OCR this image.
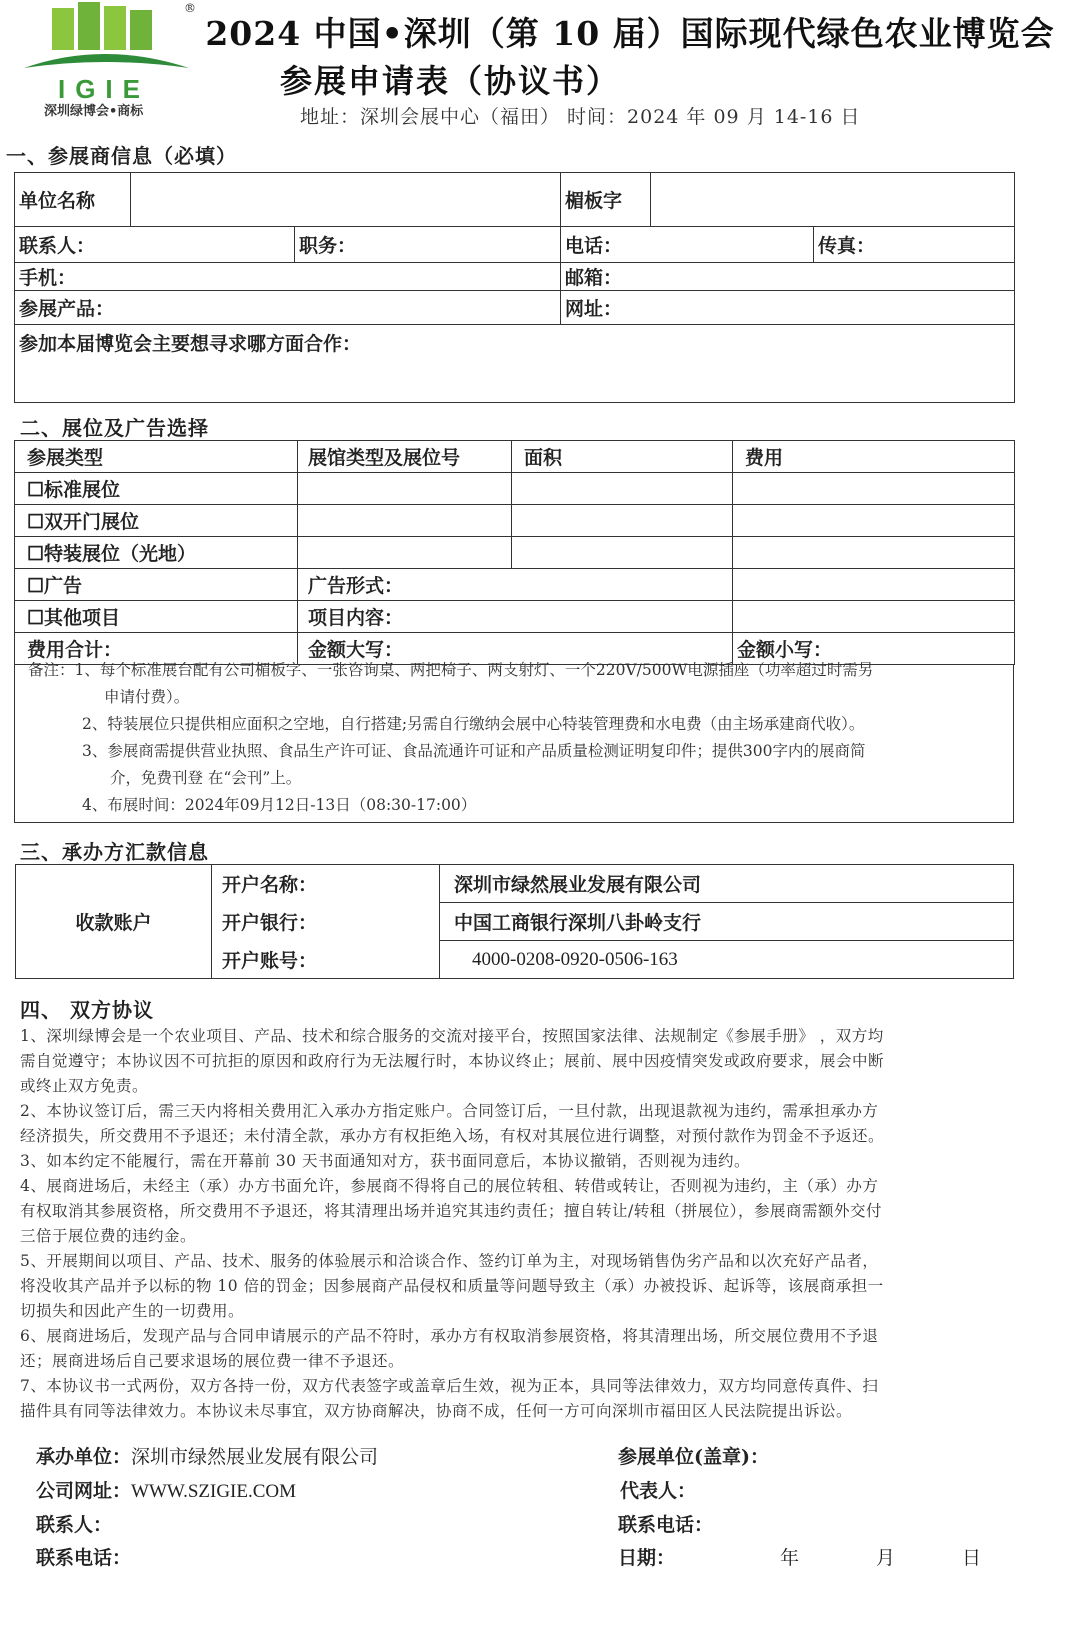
IGIE
®
深圳绿博会•商标
2024 中国•深圳（第 10 届）国际现代绿色农业博览会
参展申请表（协议书）
地址：深圳会展中心（福田） 时间：2024 年 09 月 14-16 日
一、参展商信息（必填）
单位名称			楣板字		
联系人：		职务：	电话：		传真：
手机：			邮箱：		
参展产品：			网址：		
参加本届博览会主要想寻求哪方面合作：					
二、展位及广告选择
参展类型	展馆类型及展位号	面积	费用
☐标准展位			
☐双开门展位			
☐特装展位（光地）			
☐广告	广告形式：		
☐其他项目	项目内容：		
费用合计：	金额大写：		金额小写：
备注：1、每个标准展台配有公司楣板字、一张咨询桌、两把椅子、两支射灯、一个220V/500W电源插座（功率超过时需另
申请付费）。
2、特装展位只提供相应面积之空地，自行搭建;另需自行缴纳会展中心特装管理费和水电费（由主场承建商代收）。
3、参展商需提供营业执照、食品生产许可证、食品流通许可证和产品质量检测证明复印件；提供300字内的展商简
介，免费刊登 在“会刊”上。
4、布展时间：2024年09月12日-13日（08:30-17:00）
三、承办方汇款信息
收款账户	开户名称：	深圳市绿然展业发展有限公司
	开户银行：	中国工商银行深圳八卦岭支行
	开户账号：	4000-0208-0920-0506-163
四、 双方协议

1、深圳绿博会是一个农业项目、产品、技术和综合服务的交流对接平台，按照国家法律、法规制定《参展手册》 ，双方均

需自觉遵守；本协议因不可抗拒的原因和政府行为无法履行时，本协议终止；展前、展中因疫情突发或政府要求，展会中断

或终止双方免责。

2、本协议签订后，需三天内将相关费用汇入承办方指定账户。合同签订后，一旦付款，出现退款视为违约，需承担承办方

经济损失，所交费用不予退还；未付清全款，承办方有权拒绝入场，有权对其展位进行调整，对预付款作为罚金不予返还。

3、如本约定不能履行，需在开幕前 30 天书面通知对方，获书面同意后，本协议撤销，否则视为违约。

4、展商进场后，未经主（承）办方书面允许，参展商不得将自己的展位转租、转借或转让，否则视为违约，主（承）办方

有权取消其参展资格，所交费用不予退还，将其清理出场并追究其违约责任；擅自转让/转租（拼展位），参展商需额外交付

三倍于展位费的违约金。

5、开展期间以项目、产品、技术、服务的体验展示和洽谈合作、签约订单为主，对现场销售伪劣产品和以次充好产品者，

将没收其产品并予以标的物 10 倍的罚金；因参展商产品侵权和质量等问题导致主（承）办被投诉、起诉等，该展商承担一

切损失和因此产生的一切费用。

6、展商进场后，发现产品与合同申请展示的产品不符时，承办方有权取消参展资格，将其清理出场，所交展位费用不予退

还；展商进场后自己要求退场的展位费一律不予退还。

7、本协议书一式两份，双方各持一份，双方代表签字或盖章后生效，视为正本，具同等法律效力，双方均同意传真件、扫

描件具有同等法律效力。本协议未尽事宜，双方协商解决，协商不成，任何一方可向深圳市福田区人民法院提出诉讼。

承办单位：深圳市绿然展业发展有限公司
公司网址：WWW.SZIGIE.COM
联系人：
联系电话：
参展单位(盖章)：
代表人：
联系电话：
日期：	年	月	日
